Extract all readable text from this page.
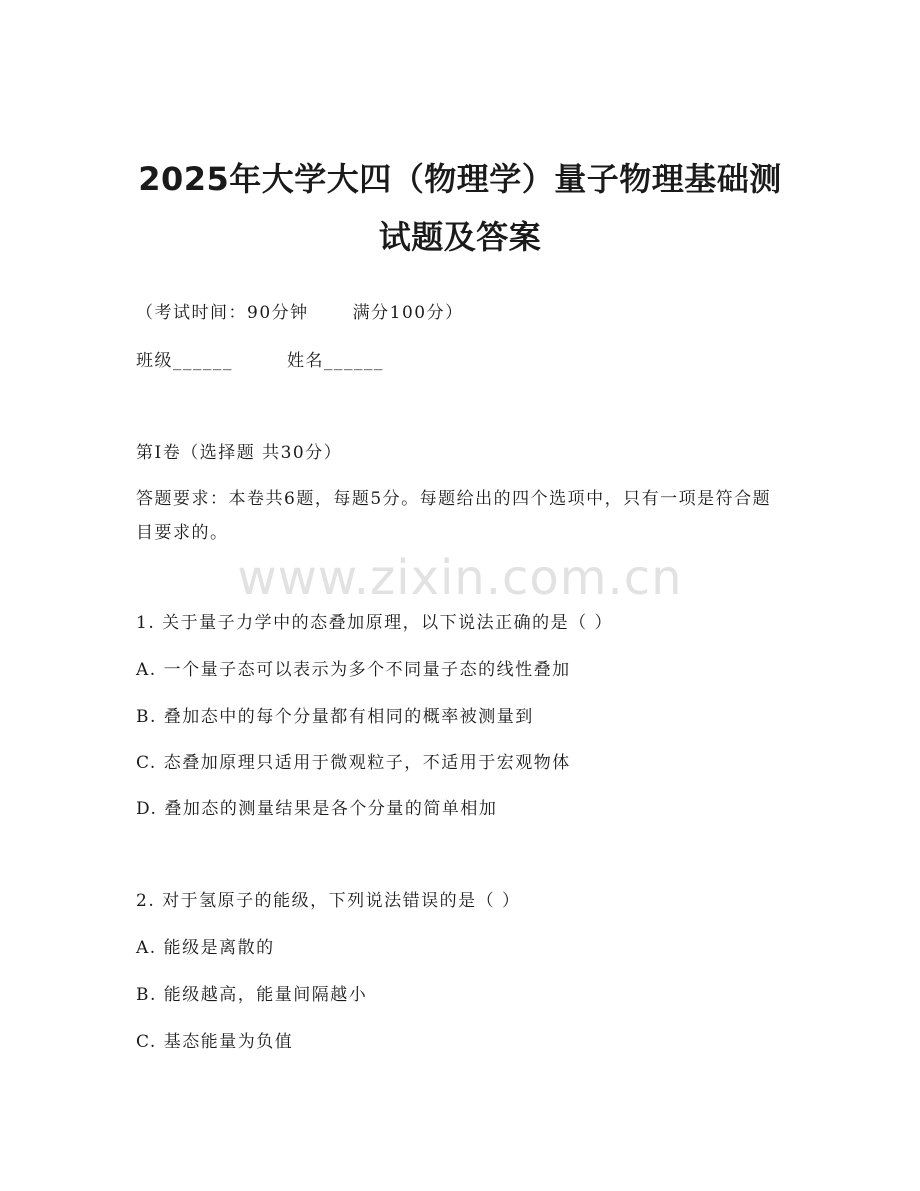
2025年大学大四（物理学）量子物理基础测
试题及答案
（考试时间：90分钟	满分100分）
班级______	姓名______
第I卷（选择题 共30分）
答题要求：本卷共6题，每题5分。每题给出的四个选项中，只有一项是符合题目要求的。
www.zixin.com.cn
1. 关于量子力学中的态叠加原理，以下说法正确的是（ ）
A. 一个量子态可以表示为多个不同量子态的线性叠加
B. 叠加态中的每个分量都有相同的概率被测量到
C. 态叠加原理只适用于微观粒子，不适用于宏观物体
D. 叠加态的测量结果是各个分量的简单相加
2. 对于氢原子的能级，下列说法错误的是（ ）
A. 能级是离散的
B. 能级越高，能量间隔越小
C. 基态能量为负值
